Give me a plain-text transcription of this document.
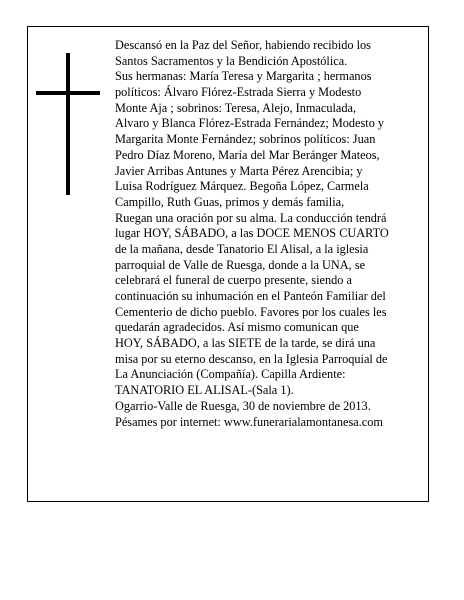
Descansó en la Paz del Señor, habiendo recibido los
Santos Sacramentos y la Bendición Apostólica.
Sus hermanas: María Teresa y Margarita ; hermanos
políticos: Álvaro Flórez-Estrada Sierra y Modesto
Monte Aja ; sobrinos: Teresa, Alejo, Inmaculada,
Alvaro y Blanca Flórez-Estrada Fernández; Modesto y
Margarita Monte Fernández; sobrinos políticos: Juan
Pedro Díaz Moreno, María del Mar Beránger Mateos,
Javier Arribas Antunes y Marta Pérez Arencibia; y
Luisa Rodríguez Márquez. Begoña López, Carmela
Campillo, Ruth Guas, primos y demás familia,
Ruegan una oración por su alma. La conducción tendrá
lugar HOY, SÁBADO, a las DOCE MENOS CUARTO
de la mañana, desde Tanatorio El Alisal, a la iglesia
parroquial de Valle de Ruesga, donde a la UNA, se
celebrará el funeral de cuerpo presente, siendo a
continuación su inhumación en el Panteón Familiar del
Cementerio de dicho pueblo. Favores por los cuales les
quedarán agradecidos. Así mismo comunican que
HOY, SÁBADO, a las SIETE de la tarde, se dirá una
misa por su eterno descanso, en la Iglesia Parroquial de
La Anunciación (Compañía). Capilla Ardiente:
TANATORIO EL ALISAL-(Sala 1).
Ogarrio-Valle de Ruesga, 30 de noviembre de 2013.
Pésames por internet: www.funerarialamontanesa.com
